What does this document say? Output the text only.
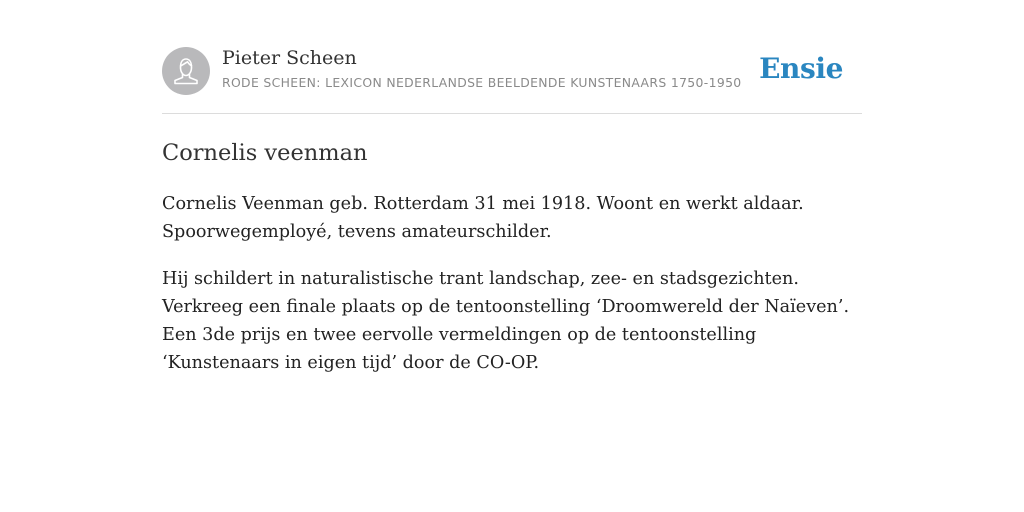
Pieter Scheen
RODE SCHEEN: LEXICON NEDERLANDSE BEELDENDE KUNSTENAARS 1750-1950 Ensie
Cornelis veenman

Cornelis Veenman geb. Rotterdam 31 mei 1918. Woont en werkt aldaar. Spoorwegemployé, tevens amateurschilder.

Hij schildert in naturalistische trant landschap, zee- en stadsgezichten. Verkreeg een finale plaats op de tentoonstelling ‘Droomwereld der Naïeven’. Een 3de prijs en twee eervolle vermeldingen op de tentoonstelling ‘Kunstenaars in eigen tijd’ door de CO-OP.
